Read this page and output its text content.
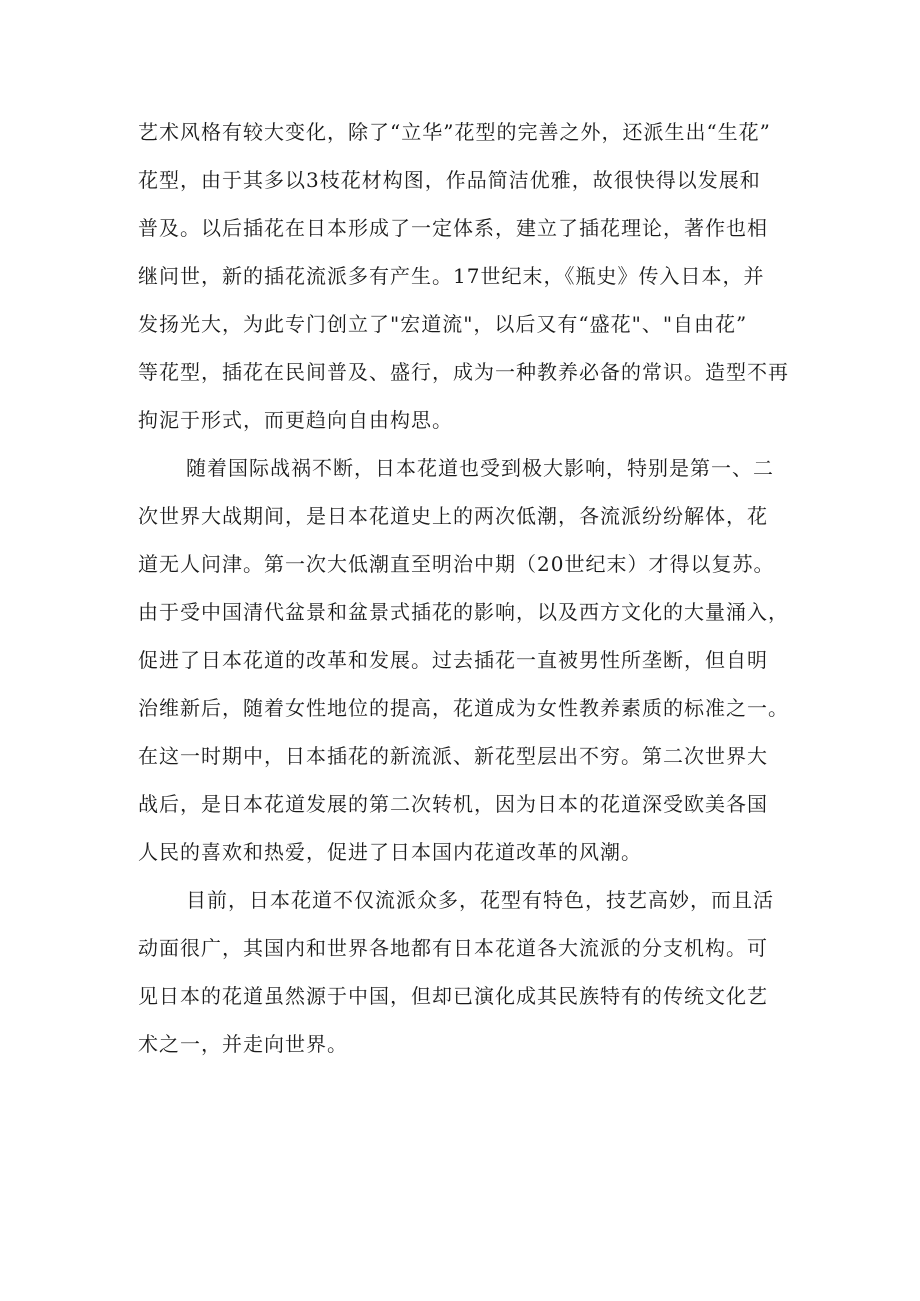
艺术风格有较大变化，除了“立华”花型的完善之外，还派生出“生花”
花型，由于其多以3枝花材构图，作品简洁优雅，故很快得以发展和
普及。以后插花在日本形成了一定体系，建立了插花理论，著作也相
继问世，新的插花流派多有产生。17世纪末，《瓶史》传入日本，并
发扬光大，为此专门创立了"宏道流"，以后又有“盛花"、"自由花”
等花型，插花在民间普及、盛行，成为一种教养必备的常识。造型不再
拘泥于形式，而更趋向自由构思。
随着国际战祸不断，日本花道也受到极大影响，特别是第一、二
次世界大战期间，是日本花道史上的两次低潮，各流派纷纷解体，花
道无人问津。第一次大低潮直至明治中期（20世纪末）才得以复苏。
由于受中国清代盆景和盆景式插花的影响，以及西方文化的大量涌入，
促进了日本花道的改革和发展。过去插花一直被男性所垄断，但自明
治维新后，随着女性地位的提高，花道成为女性教养素质的标准之一。
在这一时期中，日本插花的新流派、新花型层出不穷。第二次世界大
战后，是日本花道发展的第二次转机，因为日本的花道深受欧美各国
人民的喜欢和热爱，促进了日本国内花道改革的风潮。
目前，日本花道不仅流派众多，花型有特色，技艺高妙，而且活
动面很广，其国内和世界各地都有日本花道各大流派的分支机构。可
见日本的花道虽然源于中国，但却已演化成其民族特有的传统文化艺
术之一，并走向世界。
